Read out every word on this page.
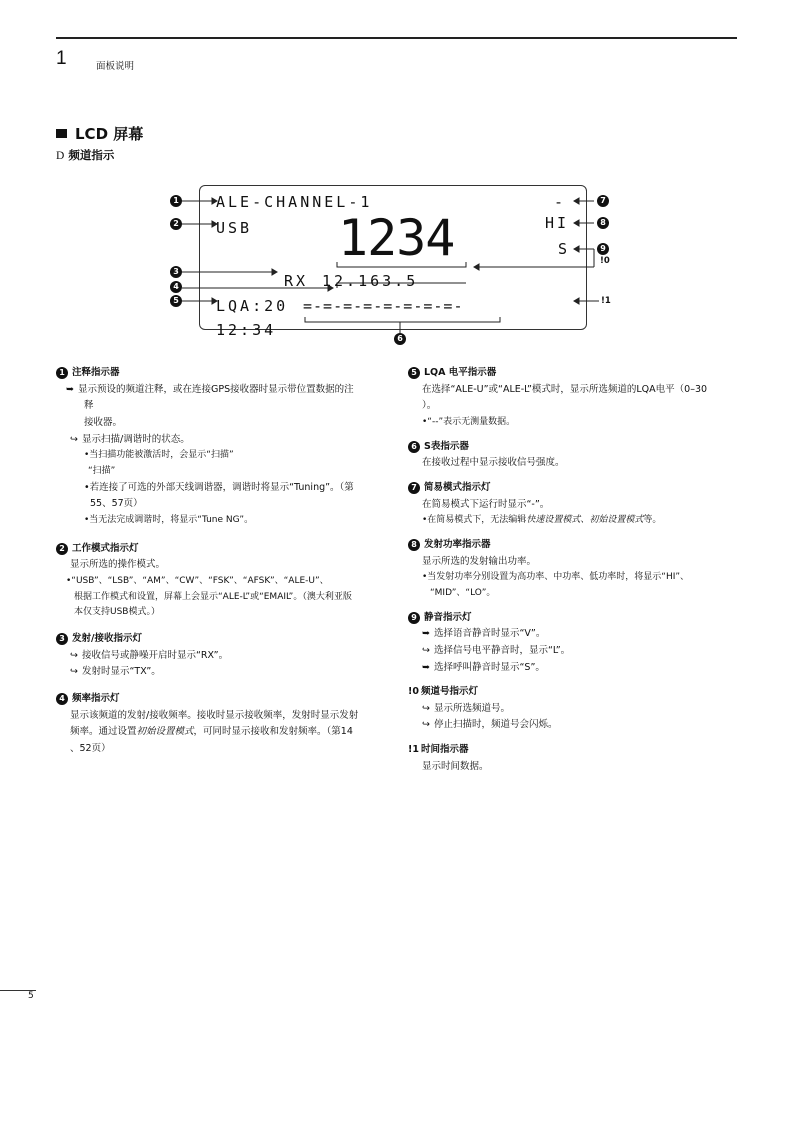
1	面板说明
LCD 屏幕
D 频道指示
1
2
3
4
5
6
7
8
9
!0
!1
ALE-CHANNEL-1
USB 1234
RX 12.163.5
LQA:20 =-=-=-=-=-=-=-=-
12:34
-
HI
S
1 注释指示器
➥ 显示预设的频道注释，或在连接GPS接收器时显示带位置数据的注
释
接收器。
↪ 显示扫描/调谐时的状态。
•当扫描功能被激活时，会显示“扫描”
“扫描”
•若连接了可选的外部天线调谐器，调谐时将显示“Tuning”。（第
55、57页）
•当无法完成调谐时，将显示“Tune NG”。
2 工作模式指示灯
显示所选的操作模式。
•“USB”、“LSB”、“AM”、“CW”、“FSK”、“AFSK”、“ALE-U”、
根据工作模式和设置，屏幕上会显示“ALE-L”或“EMAIL”。（澳大利亚版
本仅支持USB模式。）
3 发射/接收指示灯
↪ 接收信号或静噪开启时显示“RX”。
↪ 发射时显示“TX”。
4 频率指示灯
显示该频道的发射/接收频率。接收时显示接收频率，发射时显示发射
频率。通过设置初始设置模式，可同时显示接收和发射频率。（第14
、52页）
5 LQA 电平指示器
在选择“ALE-U”或“ALE-L”模式时，显示所选频道的LQA电平（0–30
）。
•“--”表示无测量数据。
6 S表指示器
在接收过程中显示接收信号强度。
7 简易模式指示灯
在简易模式下运行时显示“-”。
•在简易模式下，无法编辑快速设置模式、初始设置模式等。
8 发射功率指示器
显示所选的发射输出功率。
•当发射功率分别设置为高功率、中功率、低功率时，将显示“HI”、
“MID”、“LO”。
9 静音指示灯
➥ 选择语音静音时显示“V”。
↪ 选择信号电平静音时，显示“L”。
➥ 选择呼叫静音时显示“S”。
!0 频道号指示灯
↪ 显示所选频道号。
↪ 停止扫描时，频道号会闪烁。
!1 时间指示器
显示时间数据。
5
